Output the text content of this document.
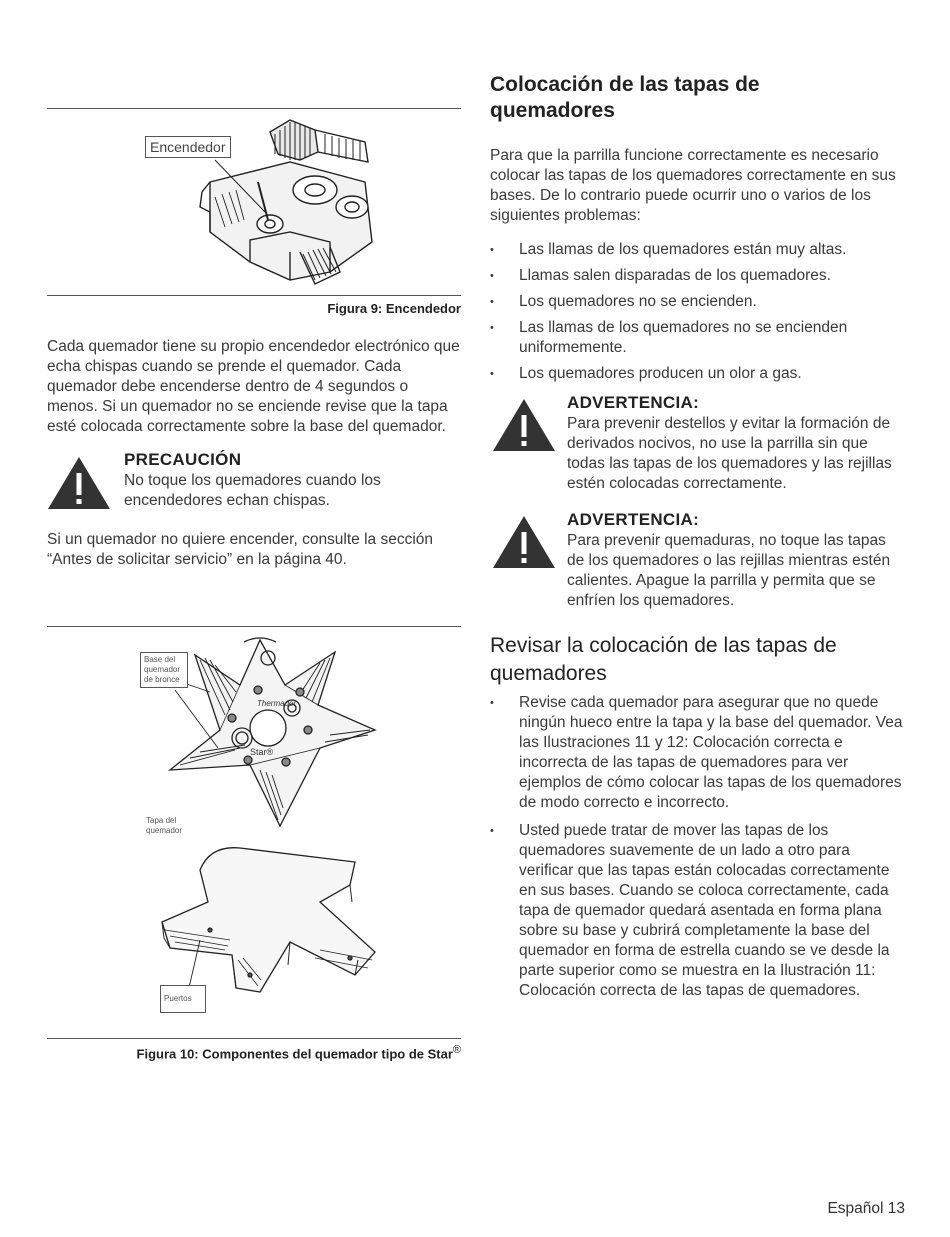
Encendedor
Figura 9: Encendedor
Cada quemador tiene su propio encendedor electrónico que echa chispas cuando se prende el quemador. Cada quemador debe encenderse dentro de 4 segundos o menos. Si un quemador no se enciende revise que la tapa esté colocada correctamente sobre la base del quemador.
PRECAUCIÓN
No toque los quemadores cuando los encendedores echan chispas.
Si un quemador no quiere encender, consulte la sección “Antes de solicitar servicio” en la página 40.
Thermador
Star®
Base del quemador de bronce
Tapa del quemador
Puertos
Figura 10: Componentes del quemador tipo de Star®
Colocación de las tapas de quemadores
Para que la parrilla funcione correctamente es necesario colocar las tapas de los quemadores correctamente en sus bases. De lo contrario puede ocurrir uno o varios de los siguientes problemas:
• Las llamas de los quemadores están muy altas.
• Llamas salen disparadas de los quemadores.
• Los quemadores no se encienden.
• Las llamas de los quemadores no se encienden uniformemente.
• Los quemadores producen un olor a gas.
ADVERTENCIA:
Para prevenir destellos y evitar la formación de derivados nocivos, no use la parrilla sin que todas las tapas de los quemadores y las rejillas estén colocadas correctamente.
ADVERTENCIA:
Para prevenir quemaduras, no toque las tapas de los quemadores o las rejillas mientras estén calientes. Apague la parrilla y permita que se enfríen los quemadores.
Revisar la colocación de las tapas de quemadores
• Revise cada quemador para asegurar que no quede ningún hueco entre la tapa y la base del quemador. Vea las Ilustraciones 11 y 12: Colocación correcta e incorrecta de las tapas de quemadores para ver ejemplos de cómo colocar las tapas de los quemadores de modo correcto e incorrecto.
• Usted puede tratar de mover las tapas de los quemadores suavemente de un lado a otro para verificar que las tapas están colocadas correctamente en sus bases. Cuando se coloca correctamente, cada tapa de quemador quedará asentada en forma plana sobre su base y cubrirá completamente la base del quemador en forma de estrella cuando se ve desde la parte superior como se muestra en la Ilustración 11: Colocación correcta de las tapas de quemadores.
Español 13
